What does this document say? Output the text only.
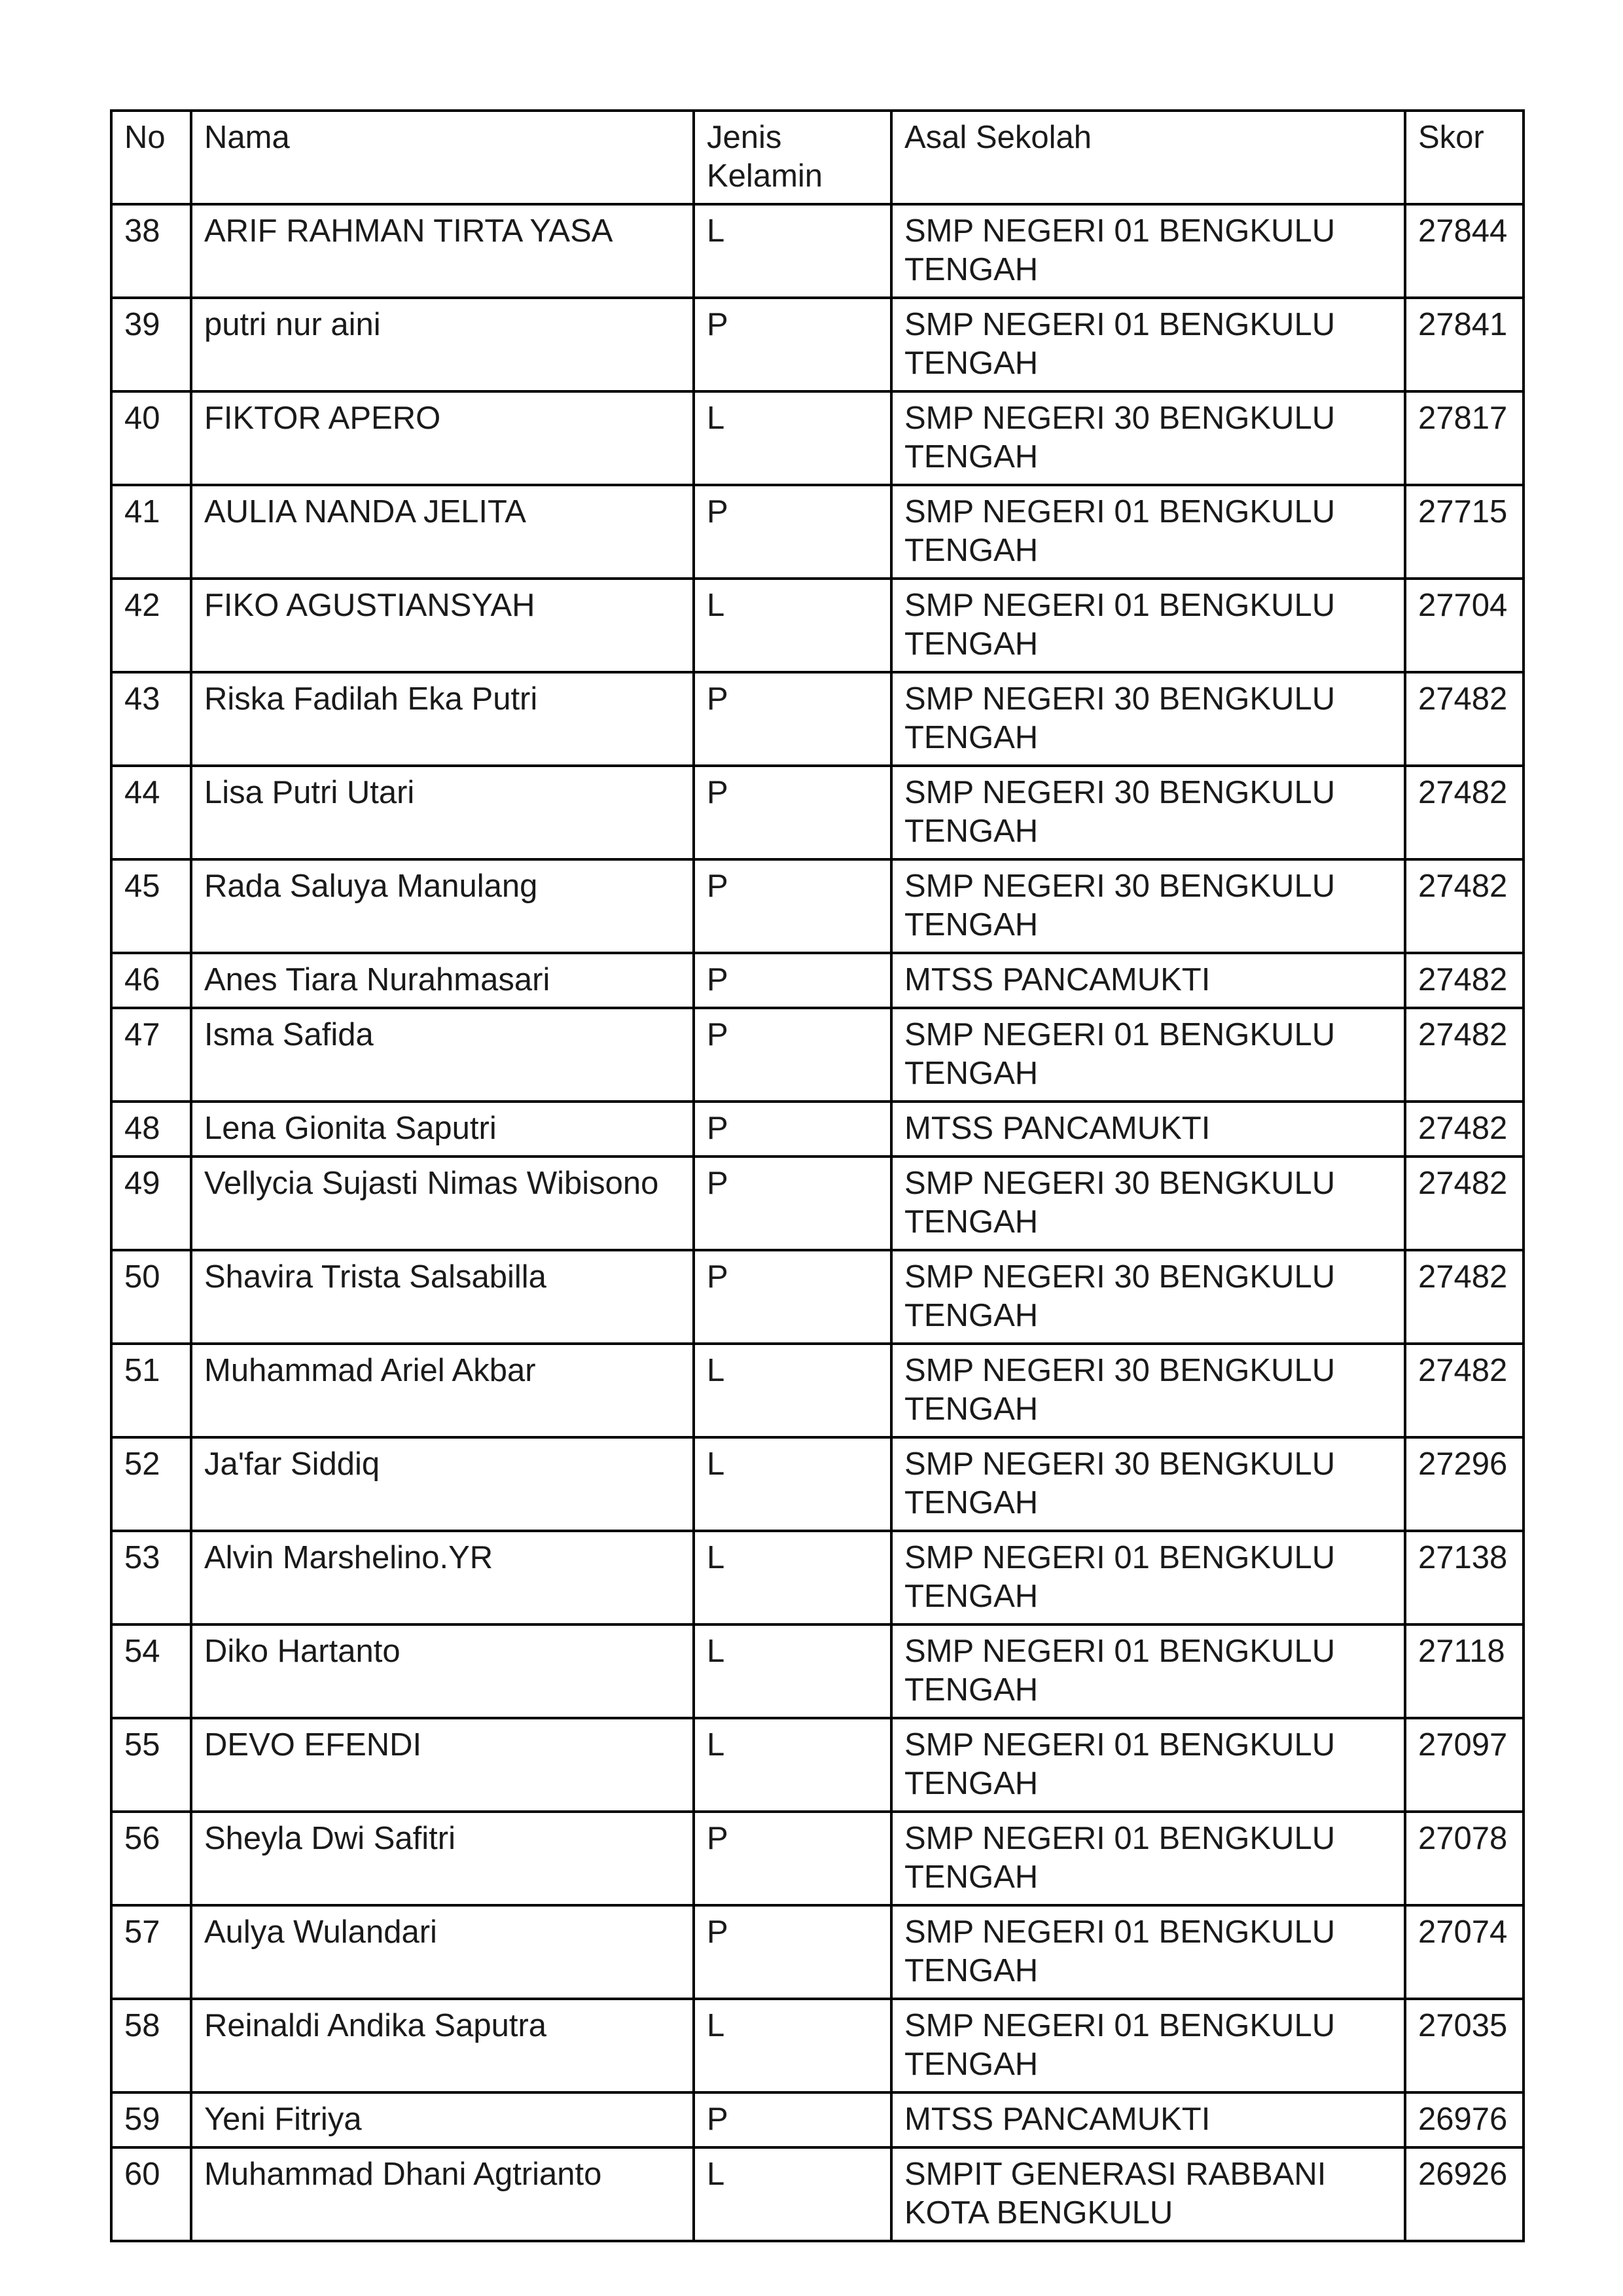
No	Nama	Jenis Kelamin	Asal Sekolah	Skor
38	ARIF RAHMAN TIRTA YASA	L	SMP NEGERI 01 BENGKULU TENGAH	27844
39	putri nur aini	P	SMP NEGERI 01 BENGKULU TENGAH	27841
40	FIKTOR APERO	L	SMP NEGERI 30 BENGKULU TENGAH	27817
41	AULIA NANDA JELITA	P	SMP NEGERI 01 BENGKULU TENGAH	27715
42	FIKO AGUSTIANSYAH	L	SMP NEGERI 01 BENGKULU TENGAH	27704
43	Riska Fadilah Eka Putri	P	SMP NEGERI 30 BENGKULU TENGAH	27482
44	Lisa Putri Utari	P	SMP NEGERI 30 BENGKULU TENGAH	27482
45	Rada Saluya Manulang	P	SMP NEGERI 30 BENGKULU TENGAH	27482
46	Anes Tiara Nurahmasari	P	MTSS PANCAMUKTI	27482
47	Isma Safida	P	SMP NEGERI 01 BENGKULU TENGAH	27482
48	Lena Gionita Saputri	P	MTSS PANCAMUKTI	27482
49	Vellycia Sujasti Nimas Wibisono	P	SMP NEGERI 30 BENGKULU TENGAH	27482
50	Shavira Trista Salsabilla	P	SMP NEGERI 30 BENGKULU TENGAH	27482
51	Muhammad Ariel Akbar	L	SMP NEGERI 30 BENGKULU TENGAH	27482
52	Ja'far Siddiq	L	SMP NEGERI 30 BENGKULU TENGAH	27296
53	Alvin Marshelino.YR	L	SMP NEGERI 01 BENGKULU TENGAH	27138
54	Diko Hartanto	L	SMP NEGERI 01 BENGKULU TENGAH	27118
55	DEVO EFENDI	L	SMP NEGERI 01 BENGKULU TENGAH	27097
56	Sheyla Dwi Safitri	P	SMP NEGERI 01 BENGKULU TENGAH	27078
57	Aulya Wulandari	P	SMP NEGERI 01 BENGKULU TENGAH	27074
58	Reinaldi Andika Saputra	L	SMP NEGERI 01 BENGKULU TENGAH	27035
59	Yeni Fitriya	P	MTSS PANCAMUKTI	26976
60	Muhammad Dhani Agtrianto	L	SMPIT GENERASI RABBANI KOTA BENGKULU	26926
